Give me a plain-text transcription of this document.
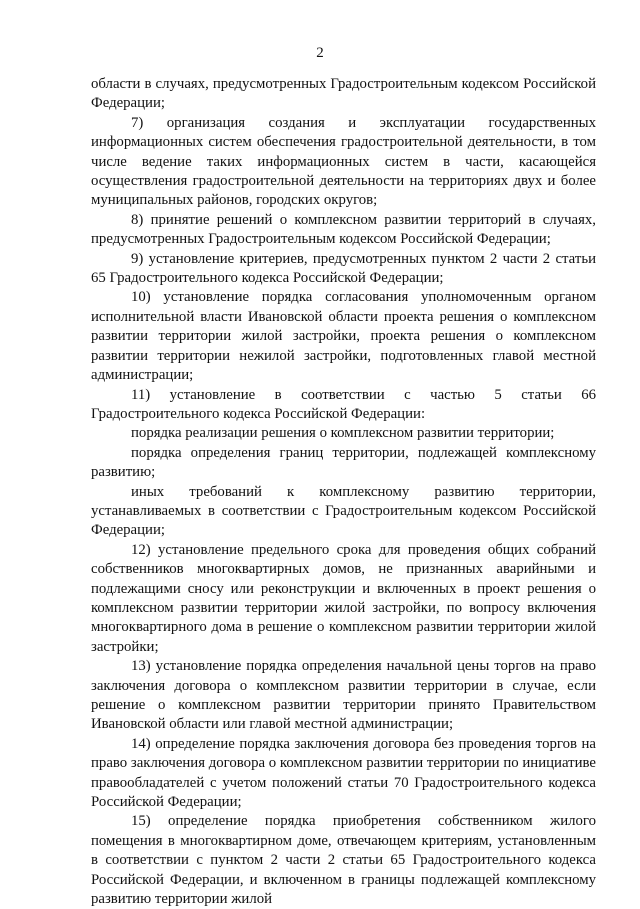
2

области в случаях, предусмотренных Градостроительным кодексом Российской Федерации;

7) организация создания и эксплуатации государственных информационных систем обеспечения градостроительной деятельности, в том числе ведение таких информационных систем в части, касающейся осуществления градостроительной деятельности на территориях двух и более муниципальных районов, городских округов;

8) принятие решений о комплексном развитии территорий в случаях, предусмотренных Градостроительным кодексом Российской Федерации;

9) установление критериев, предусмотренных пунктом 2 части 2 статьи 65 Градостроительного кодекса Российской Федерации;

10) установление порядка согласования уполномоченным органом исполнительной власти Ивановской области проекта решения о комплексном развитии территории жилой застройки, проекта решения о комплексном развитии территории нежилой застройки, подготовленных главой местной администрации;

11) установление в соответствии с частью 5 статьи 66 Градостроительного кодекса Российской Федерации:

порядка реализации решения о комплексном развитии территории;

порядка определения границ территории, подлежащей комплексному развитию;

иных требований к комплексному развитию территории, устанавливаемых в соответствии с Градостроительным кодексом Российской Федерации;

12) установление предельного срока для проведения общих собраний собственников многоквартирных домов, не признанных аварийными и подлежащими сносу или реконструкции и включенных в проект решения о комплексном развитии территории жилой застройки, по вопросу включения многоквартирного дома в решение о комплексном развитии территории жилой застройки;

13) установление порядка определения начальной цены торгов на право заключения договора о комплексном развитии территории в случае, если решение о комплексном развитии территории принято Правительством Ивановской области или главой местной администрации;

14) определение порядка заключения договора без проведения торгов на право заключения договора о комплексном развитии территории по инициативе правообладателей с учетом положений статьи 70 Градостроительного кодекса Российской Федерации;

15) определение порядка приобретения собственником жилого помещения в многоквартирном доме, отвечающем критериям, установленным в соответствии с пунктом 2 части 2 статьи 65 Градостроительного кодекса Российской Федерации, и включенном в границы подлежащей комплексному развитию территории жилой
